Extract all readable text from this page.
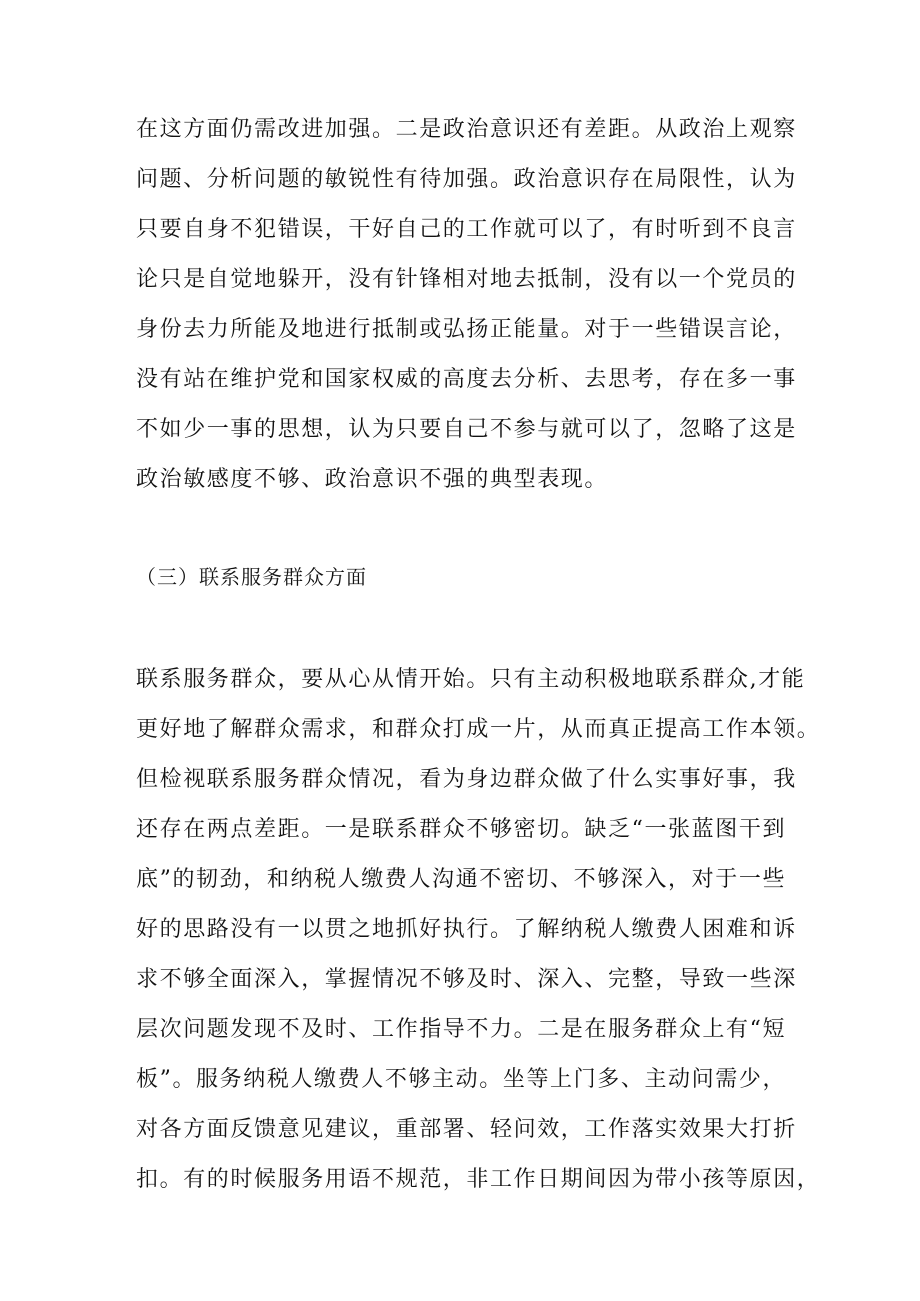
在这方面仍需改进加强。二是政治意识还有差距。从政治上观察
问题、分析问题的敏锐性有待加强。政治意识存在局限性，认为
只要自身不犯错误，干好自己的工作就可以了，有时听到不良言
论只是自觉地躲开，没有针锋相对地去抵制，没有以一个党员的
身份去力所能及地进行抵制或弘扬正能量。对于一些错误言论，
没有站在维护党和国家权威的高度去分析、去思考，存在多一事
不如少一事的思想，认为只要自己不参与就可以了，忽略了这是
政治敏感度不够、政治意识不强的典型表现。
（三）联系服务群众方面
联系服务群众，要从心从情开始。只有主动积极地联系群众,才能
更好地了解群众需求，和群众打成一片，从而真正提高工作本领。
但检视联系服务群众情况，看为身边群众做了什么实事好事，我
还存在两点差距。一是联系群众不够密切。缺乏“一张蓝图干到
底”的韧劲，和纳税人缴费人沟通不密切、不够深入，对于一些
好的思路没有一以贯之地抓好执行。了解纳税人缴费人困难和诉
求不够全面深入，掌握情况不够及时、深入、完整，导致一些深
层次问题发现不及时、工作指导不力。二是在服务群众上有“短
板”。服务纳税人缴费人不够主动。坐等上门多、主动问需少，
对各方面反馈意见建议，重部署、轻问效，工作落实效果大打折
扣。有的时候服务用语不规范，非工作日期间因为带小孩等原因，
